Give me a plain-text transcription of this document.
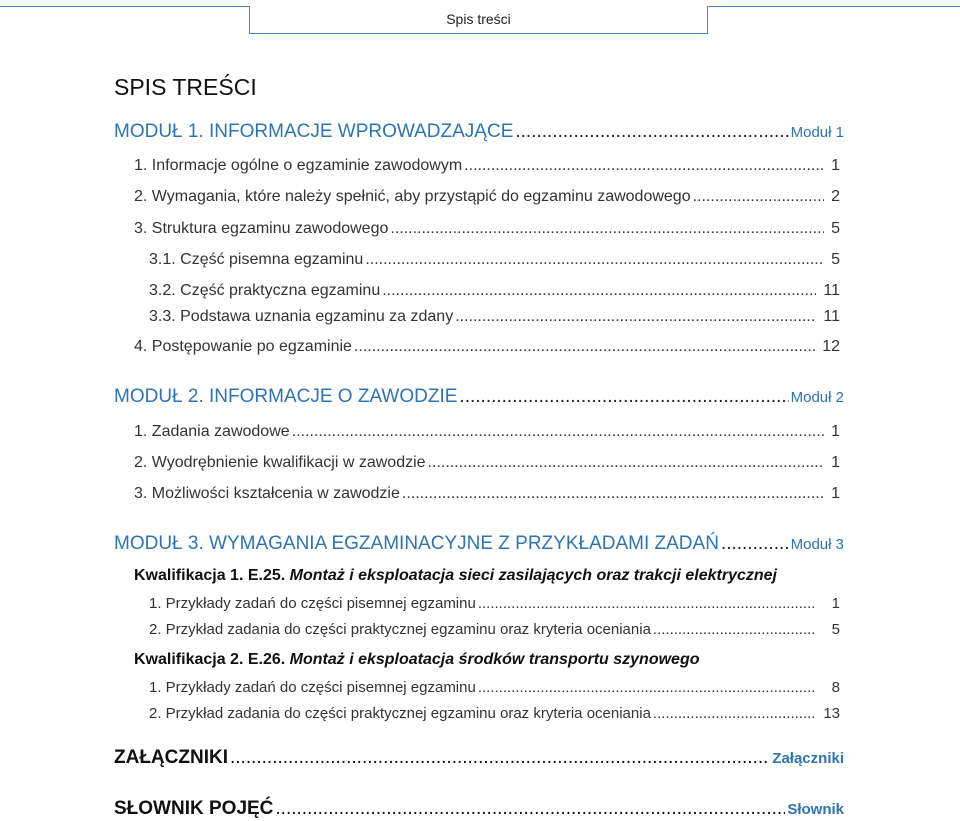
Spis treści
SPIS TREŚCI
MODUŁ 1. INFORMACJE WPROWADZAJĄCE .....	Moduł 1
1. Informacje ogólne o egzaminie zawodowym .....	1
2. Wymagania, które należy spełnić, aby przystąpić do egzaminu zawodowego .....	2
3. Struktura egzaminu zawodowego .....	5
3.1. Część pisemna egzaminu .....	5
3.2. Część praktyczna egzaminu .....	11
3.3. Podstawa uznania egzaminu za zdany .....	11
4. Postępowanie po egzaminie .....	12
MODUŁ 2. INFORMACJE O ZAWODZIE .....	Moduł 2
1. Zadania zawodowe .....	1
2. Wyodrębnienie kwalifikacji w zawodzie .....	1
3. Możliwości kształcenia w zawodzie .....	1
MODUŁ 3. WYMAGANIA EGZAMINACYJNE Z PRZYKŁADAMI ZADAŃ .....	Moduł 3
Kwalifikacja 1. E.25. Montaż i eksploatacja sieci zasilających oraz trakcji elektrycznej
1. Przykłady zadań do części pisemnej egzaminu .....	1
2. Przykład zadania do części praktycznej egzaminu oraz kryteria oceniania .....	5
Kwalifikacja 2. E.26. Montaż i eksploatacja środków transportu szynowego
1. Przykłady zadań do części pisemnej egzaminu .....	8
2. Przykład zadania do części praktycznej egzaminu oraz kryteria oceniania .....	13
ZAŁĄCZNIKI .....	Załączniki
SŁOWNIK POJĘĆ .....	Słownik
